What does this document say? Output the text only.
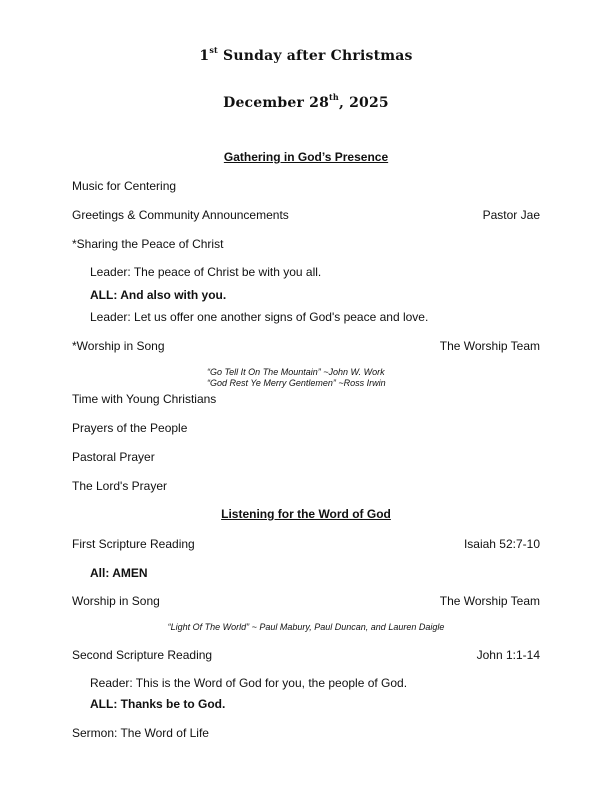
1st Sunday after Christmas
December 28th, 2025
Gathering in God’s Presence
Music for Centering
Greetings & Community Announcements	Pastor Jae
*Sharing the Peace of Christ
Leader: The peace of Christ be with you all.
ALL: And also with you.
Leader: Let us offer one another signs of God's peace and love.
*Worship in Song	The Worship Team
“Go Tell It On The Mountain” ~John W. Work
“God Rest Ye Merry Gentlemen” ~Ross Irwin
Time with Young Christians
Prayers of the People
Pastoral Prayer
The Lord's Prayer
Listening for the Word of God
First Scripture Reading	Isaiah 52:7-10
All: AMEN
Worship in Song	The Worship Team
“Light Of The World” ~ Paul Mabury, Paul Duncan, and Lauren Daigle
Second Scripture Reading	John 1:1-14
Reader: This is the Word of God for you, the people of God.
ALL: Thanks be to God.
Sermon: The Word of Life
